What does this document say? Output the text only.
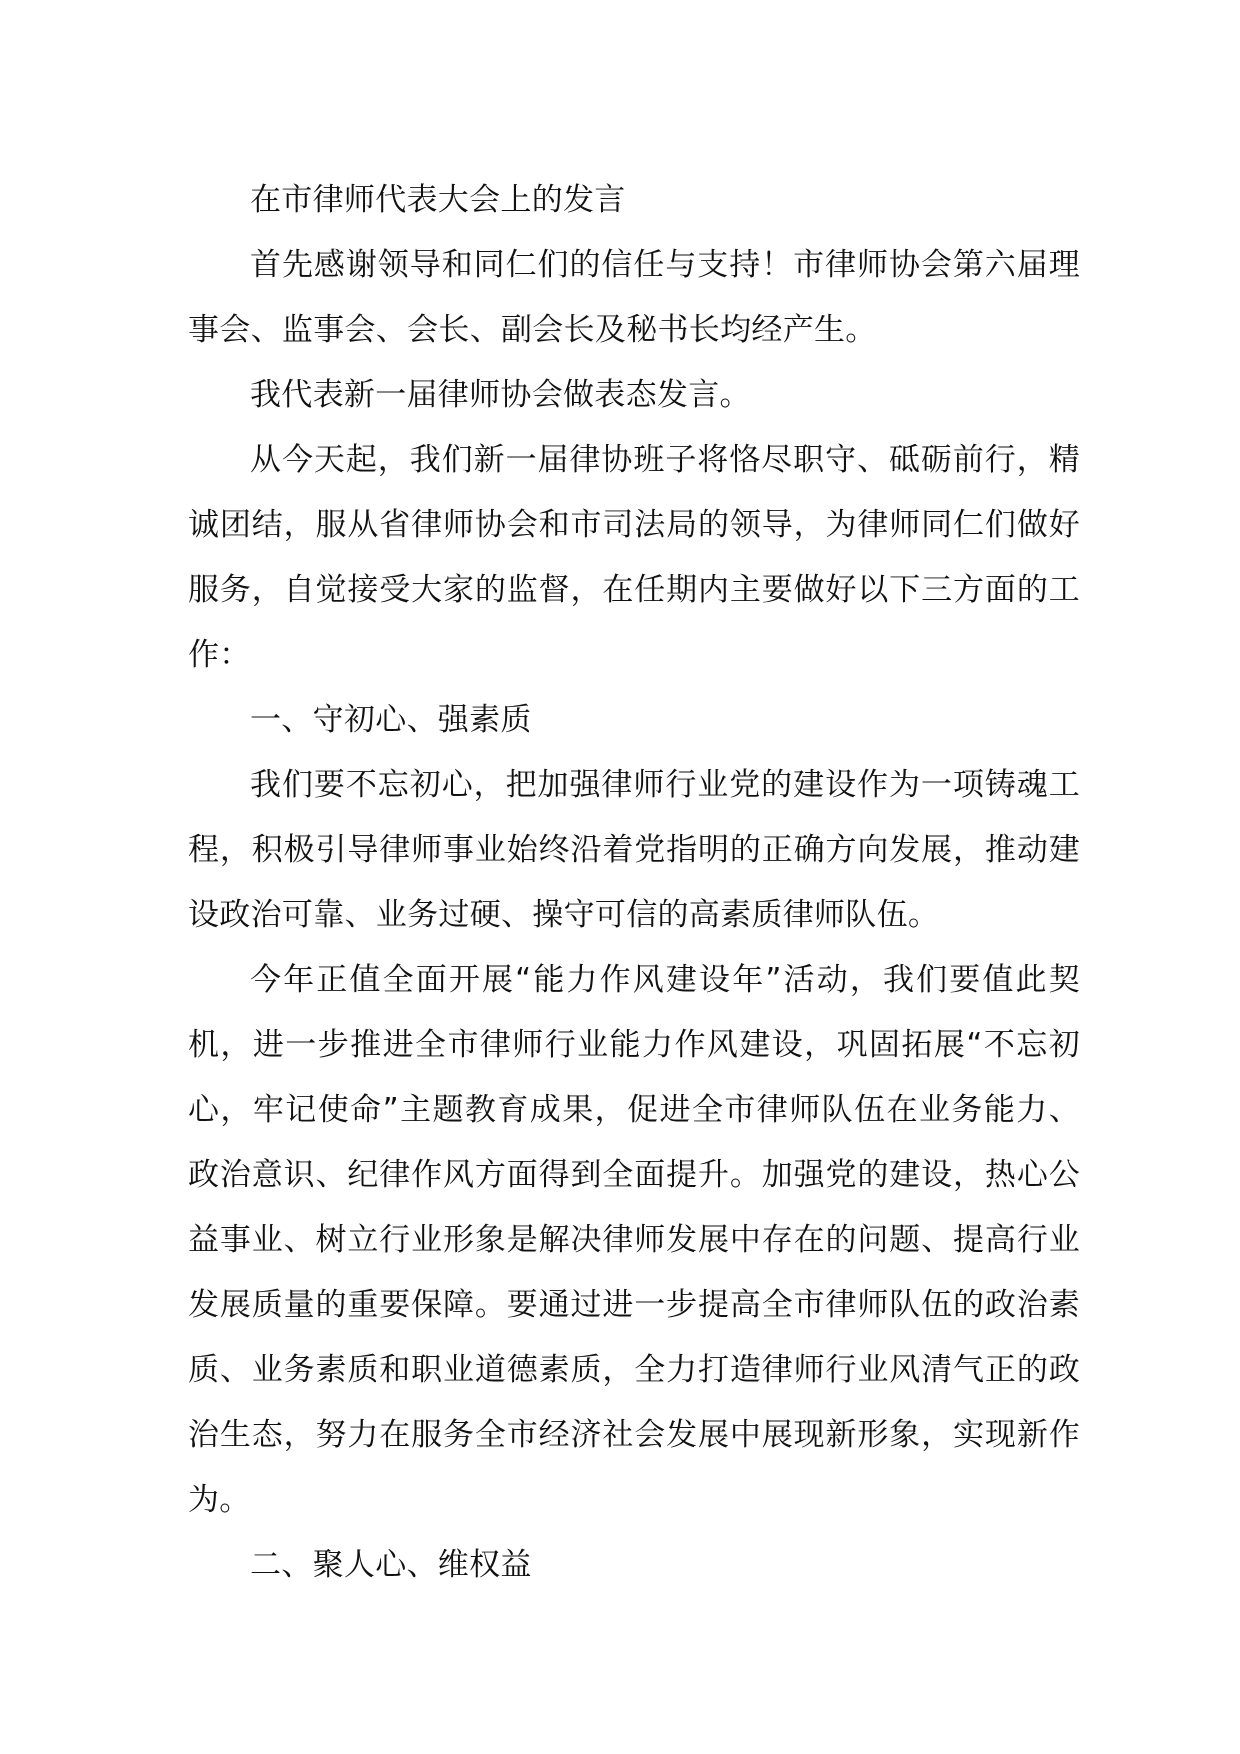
在市律师代表大会上的发言

首先感谢领导和同仁们的信任与支持！市律师协会第六届理事会、监事会、会长、副会长及秘书长均经产生。

我代表新一届律师协会做表态发言。

从今天起，我们新一届律协班子将恪尽职守、砥砺前行，精诚团结，服从省律师协会和市司法局的领导，为律师同仁们做好服务，自觉接受大家的监督，在任期内主要做好以下三方面的工作：

一、守初心、强素质

我们要不忘初心，把加强律师行业党的建设作为一项铸魂工程，积极引导律师事业始终沿着党指明的正确方向发展，推动建设政治可靠、业务过硬、操守可信的高素质律师队伍。

今年正值全面开展“能力作风建设年”活动，我们要值此契机，进一步推进全市律师行业能力作风建设，巩固拓展“不忘初心，牢记使命”主题教育成果，促进全市律师队伍在业务能力、政治意识、纪律作风方面得到全面提升。加强党的建设，热心公益事业、树立行业形象是解决律师发展中存在的问题、提高行业发展质量的重要保障。要通过进一步提高全市律师队伍的政治素质、业务素质和职业道德素质，全力打造律师行业风清气正的政治生态，努力在服务全市经济社会发展中展现新形象，实现新作为。

二、聚人心、维权益
